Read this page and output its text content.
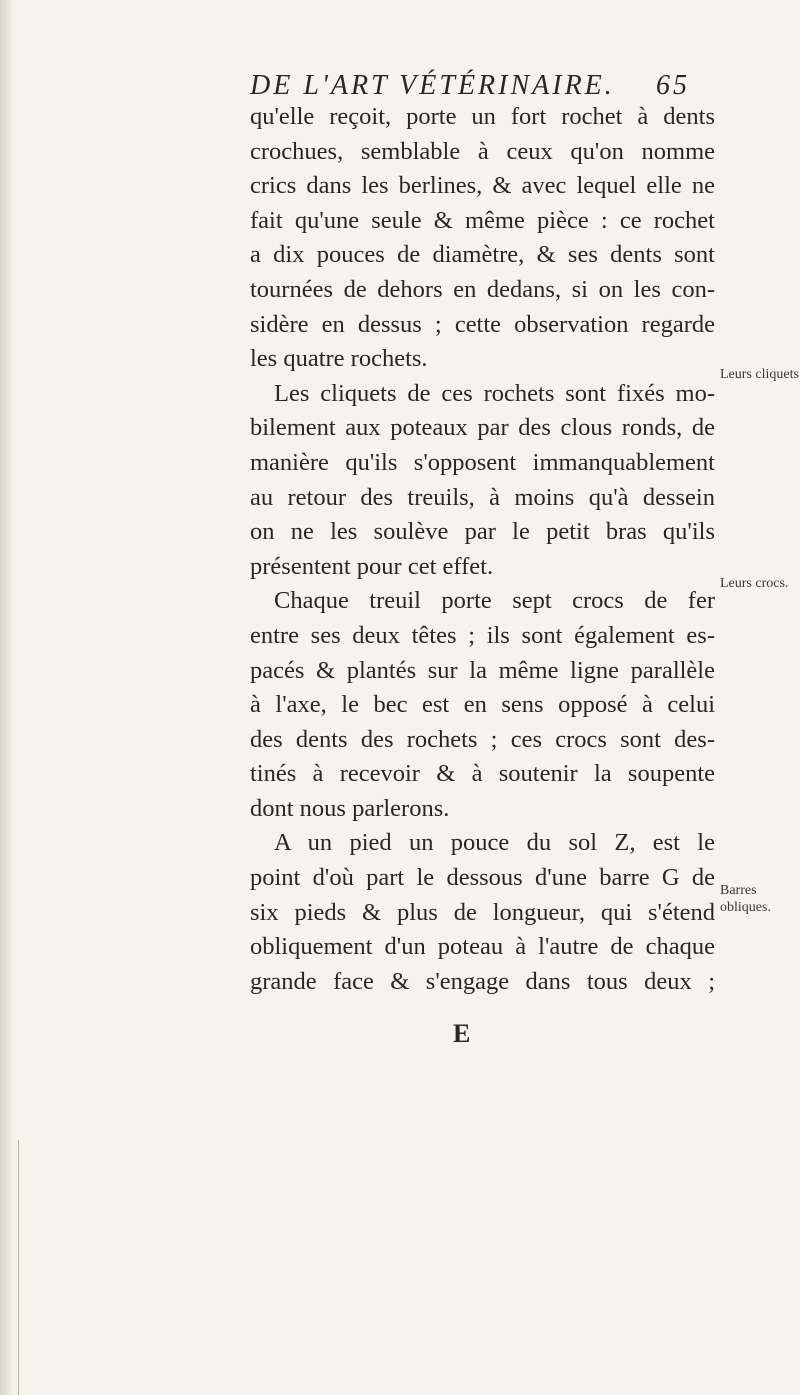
DE L'ART VÉTÉRINAIRE. 65
qu'elle reçoit, porte un fort rochet à dents
crochues, semblable à ceux qu'on nomme
crics dans les berlines, & avec lequel elle ne
fait qu'une seule & même pièce : ce rochet
a dix pouces de diamètre, & ses dents sont
tournées de dehors en dedans, si on les con-
sidère en dessus ; cette observation regarde
les quatre rochets.
Les cliquets de ces rochets sont fixés mo-
bilement aux poteaux par des clous ronds, de
manière qu'ils s'opposent immanquablement
au retour des treuils, à moins qu'à dessein
on ne les soulève par le petit bras qu'ils
présentent pour cet effet.
Chaque treuil porte sept crocs de fer
entre ses deux têtes ; ils sont également es-
pacés & plantés sur la même ligne parallèle
à l'axe, le bec est en sens opposé à celui
des dents des rochets ; ces crocs sont des-
tinés à recevoir & à soutenir la soupente
dont nous parlerons.
A un pied un pouce du sol Z, est le
point d'où part le dessous d'une barre G de
six pieds & plus de longueur, qui s'étend
obliquement d'un poteau à l'autre de chaque
grande face & s'engage dans tous deux ;
Leurs cliquets
Leurs crocs.
Barres
obliques.
E
